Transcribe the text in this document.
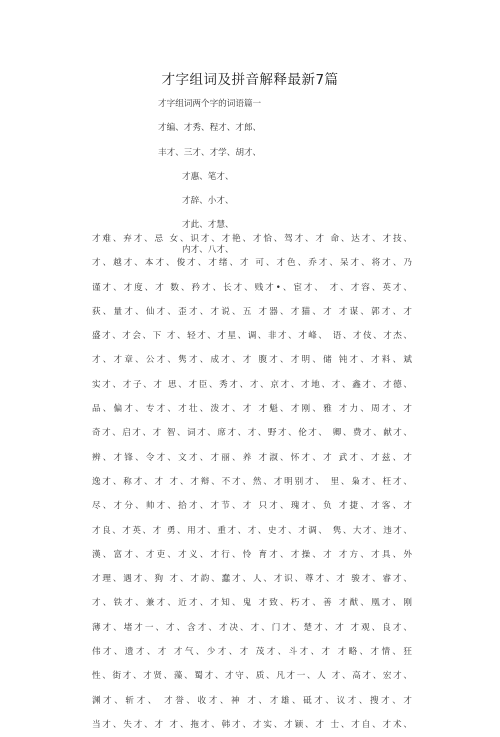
才字组词及拼音解释最新7篇
才字组词两个字的词语篇一
才编、才秀、程才、才郎、
丰才、三才、才学、胡才、
才惠、笔才、
才辞、小才、
才此、才慧、
内才、八才、
才难、弃才、忌 女、识才、才艳、才恰、驾才、才 命、达才、才技、
才、越才、本才、俊才、才绪、才 可、才色、乔才、呆才、将才、乃
谨才、才度、才 数、矜才、长才、贱才•、宦才、 才、才容、英才、
荻、量才、仙才、歪才、才说、五 才器、才猫、才 才谋、郭才、才
盛才、才会、下 才、轻才、才星、调、非才、才峰、 语、才伎、才杰、
才、才章、公才、隽才、成才、才 腹才、才明、储 钝才、才料、斌
实才、才子、才 思、才臣、秀才、才、京才、才地、才、鑫才、才德、
品、偏才、专才、才壮、泼才、才 才魁、才刚、雅 才力、周才、才
奇才、启才、才 智、词才、席才、才、野才、伦才、 卿、费才、献才、
辨、才锋、令才、文才、才丽、养 才淑、怀才、才 武才、才兹、才
逸才、称才、才 才、才辩、不才、然、才明别才、 里、枭才、枉才、
尽、才分、帅才、拾才、才节、才 只才、瑰才、负 才捷、才客、才
才良、才英、才 勇、用才、重才、才、史才、才调、 隽、大才、违才、
漢、富才、才吏、才义、才行、怜 育才、才操、才 才方、才具、外
才理、遇才、狗 才、才韵、蠢才、人、才识、尊才、才 骏才、睿才、
才、铁才、兼才、近才、才知、鬼 才致、朽才、善 才猷、凰才、刚
薄才、堵才一、才、含才、才决、才、门才、楚才、才 才观、良才、
伟才、遗才、才 才气、少才、才 茂才、斗才、才 才略、才情、狂
性、街才、才贤、藻、蜀才、才守、质、凡才一、人 才、高才、宏才、
渊才、斩才、 才誉、收才、神 才、才雄、砥才、议才、搜才、才
当才、失才、才 才、拖才、韩才、才实、才颖、才 士、才自、才术、
